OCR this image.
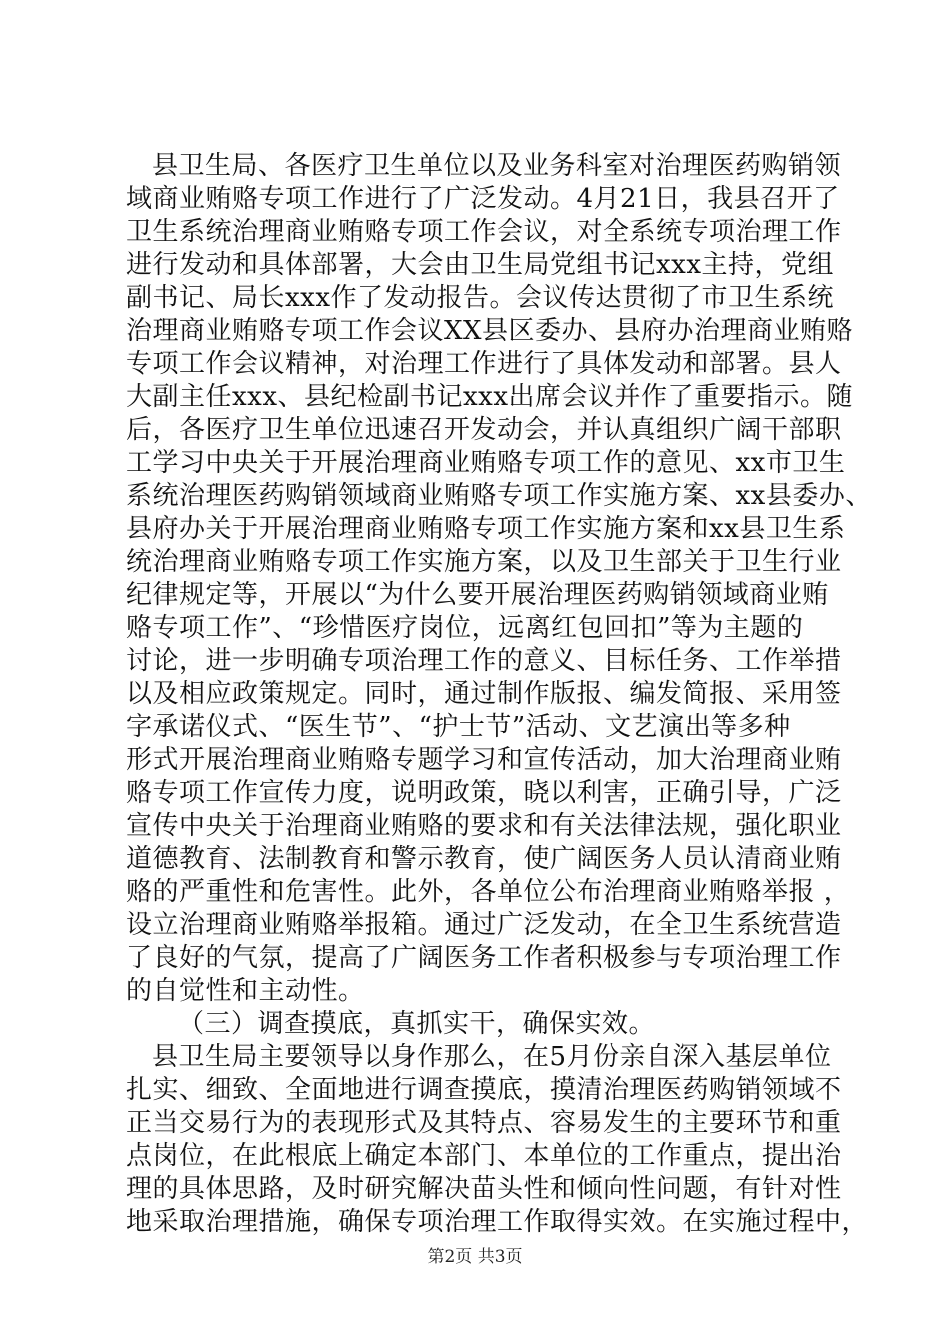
县卫生局、各医疗卫生单位以及业务科室对治理医药购销领
域商业贿赂专项工作进行了广泛发动。4月21日，我县召开了
卫生系统治理商业贿赂专项工作会议，对全系统专项治理工作
进行发动和具体部署，大会由卫生局党组书记xxx主持，党组
副书记、局长xxx作了发动报告。会议传达贯彻了市卫生系统
治理商业贿赂专项工作会议XX县区委办、县府办治理商业贿赂
专项工作会议精神，对治理工作进行了具体发动和部署。县人
大副主任xxx、县纪检副书记xxx出席会议并作了重要指示。随
后，各医疗卫生单位迅速召开发动会，并认真组织广阔干部职
工学习中央关于开展治理商业贿赂专项工作的意见、xx市卫生
系统治理医药购销领域商业贿赂专项工作实施方案、xx县委办、
县府办关于开展治理商业贿赂专项工作实施方案和xx县卫生系
统治理商业贿赂专项工作实施方案，以及卫生部关于卫生行业
纪律规定等，开展以“为什么要开展治理医药购销领域商业贿
赂专项工作”、“珍惜医疗岗位，远离红包回扣”等为主题的
讨论，进一步明确专项治理工作的意义、目标任务、工作举措
以及相应政策规定。同时，通过制作版报、编发简报、采用签
字承诺仪式、“医生节”、“护士节”活动、文艺演出等多种
形式开展治理商业贿赂专题学习和宣传活动，加大治理商业贿
赂专项工作宣传力度，说明政策，晓以利害，正确引导，广泛
宣传中央关于治理商业贿赂的要求和有关法律法规，强化职业
道德教育、法制教育和警示教育，使广阔医务人员认清商业贿
赂的严重性和危害性。此外，各单位公布治理商业贿赂举报 ，
设立治理商业贿赂举报箱。通过广泛发动，在全卫生系统营造
了良好的气氛，提高了广阔医务工作者积极参与专项治理工作
的自觉性和主动性。
（三）调查摸底，真抓实干，确保实效。
县卫生局主要领导以身作那么，在5月份亲自深入基层单位
扎实、细致、全面地进行调查摸底，摸清治理医药购销领域不
正当交易行为的表现形式及其特点、容易发生的主要环节和重
点岗位，在此根底上确定本部门、本单位的工作重点，提出治
理的具体思路，及时研究解决苗头性和倾向性问题，有针对性
地采取治理措施，确保专项治理工作取得实效。在实施过程中，
第2页 共3页
